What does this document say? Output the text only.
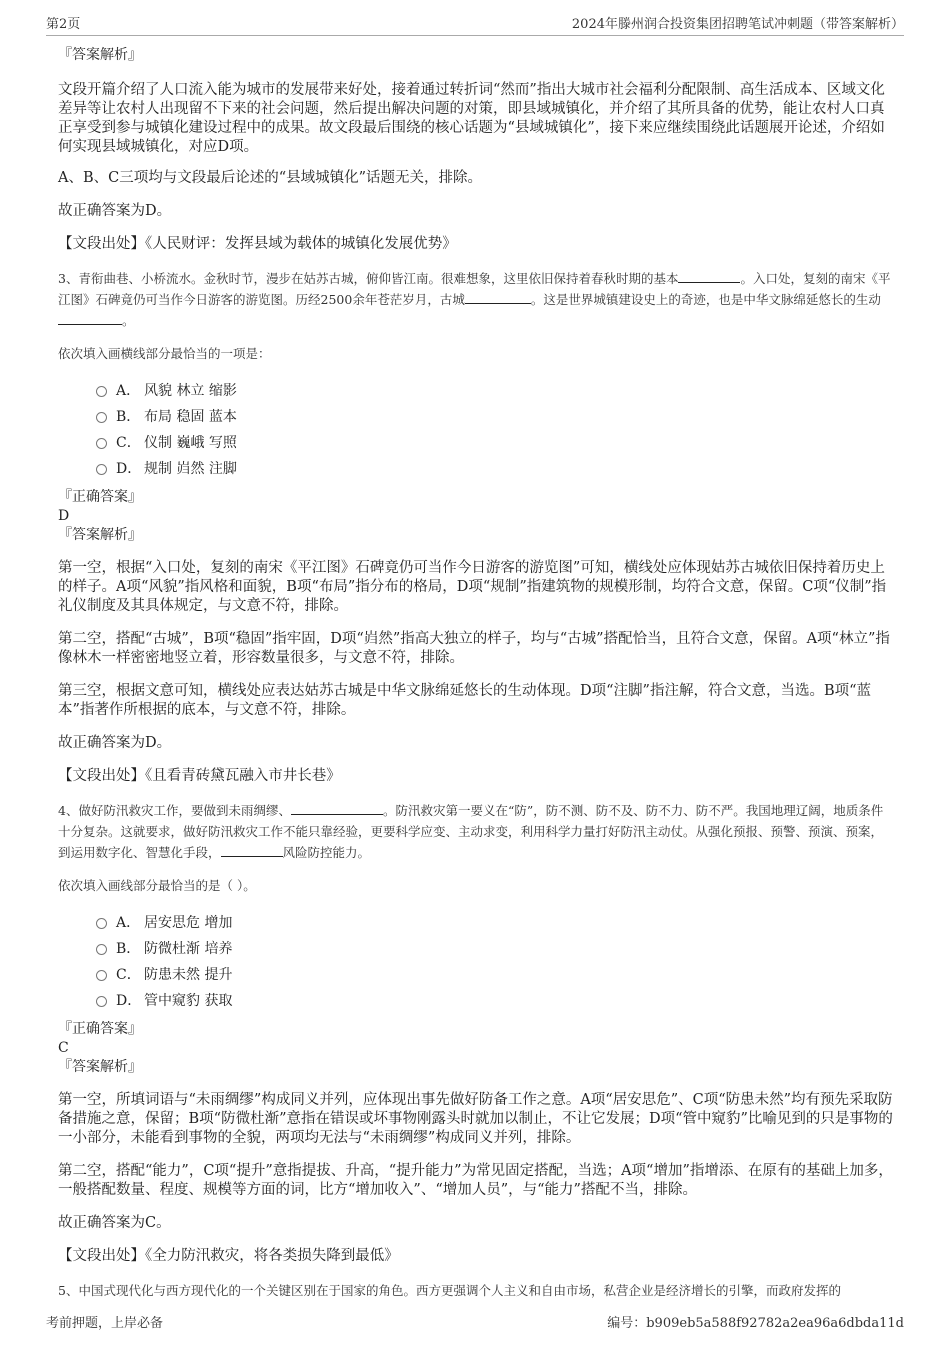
第2页	2024年滕州润合投资集团招聘笔试冲刺题（带答案解析）
『答案解析』

文段开篇介绍了人口流入能为城市的发展带来好处，接着通过转折词“然而”指出大城市社会福利分配限制、高生活成本、区域文化差异等让农村人出现留不下来的社会问题，然后提出解决问题的对策，即县域城镇化，并介绍了其所具备的优势，能让农村人口真正享受到参与城镇化建设过程中的成果。故文段最后围绕的核心话题为“县域城镇化”，接下来应继续围绕此话题展开论述，介绍如何实现县域城镇化，对应D项。

A、B、C三项均与文段最后论述的“县域城镇化”话题无关，排除。

故正确答案为D。

【文段出处】《人民财评：发挥县域为载体的城镇化发展优势》

3、青衔曲巷、小桥流水。金秋时节，漫步在姑苏古城，俯仰皆江南。很难想象，这里依旧保持着春秋时期的基本	。入口处，复刻的南宋《平江图》石碑竟仍可当作今日游客的游览图。历经2500余年苍茫岁月，古城	。这是世界城镇建设史上的奇迹，也是中华文脉绵延悠长的生动。
依次填入画横线部分最恰当的一项是：
A． 风貌 林立 缩影
B． 布局 稳固 蓝本
C． 仪制 巍峨 写照
D． 规制 岿然 注脚
『正确答案』
D
『答案解析』

第一空，根据“入口处，复刻的南宋《平江图》石碑竟仍可当作今日游客的游览图”可知，横线处应体现姑苏古城依旧保持着历史上的样子。A项“风貌”指风格和面貌，B项“布局”指分布的格局，D项“规制”指建筑物的规模形制，均符合文意，保留。C项“仪制”指礼仪制度及其具体规定，与文意不符，排除。

第二空，搭配“古城”，B项“稳固”指牢固，D项“岿然”指高大独立的样子，均与“古城”搭配恰当，且符合文意，保留。A项“林立”指像林木一样密密地竖立着，形容数量很多，与文意不符，排除。

第三空，根据文意可知，横线处应表达姑苏古城是中华文脉绵延悠长的生动体现。D项“注脚”指注解，符合文意，当选。B项“蓝本”指著作所根据的底本，与文意不符，排除。

故正确答案为D。

【文段出处】《且看青砖黛瓦融入市井长巷》

4、做好防汛救灾工作，要做到未雨绸缪、	。防汛救灾第一要义在“防”，防不测、防不及、防不力、防不严。我国地理辽阔，地质条件十分复杂。这就要求，做好防汛救灾工作不能只靠经验，更要科学应变、主动求变，利用科学力量打好防汛主动仗。从强化预报、预警、预演、预案，到运用数字化、智慧化手段，	风险防控能力。
依次填入画线部分最恰当的是（ ）。
A． 居安思危 增加
B． 防微杜渐 培养
C． 防患未然 提升
D． 管中窥豹 获取
『正确答案』
C
『答案解析』

第一空，所填词语与“未雨绸缪”构成同义并列，应体现出事先做好防备工作之意。A项“居安思危”、C项“防患未然”均有预先采取防备措施之意，保留；B项“防微杜渐”意指在错误或坏事物刚露头时就加以制止，不让它发展；D项“管中窥豹”比喻见到的只是事物的一小部分，未能看到事物的全貌，两项均无法与“未雨绸缪”构成同义并列，排除。

第二空，搭配“能力”，C项“提升”意指提拔、升高，“提升能力”为常见固定搭配，当选；A项“增加”指增添、在原有的基础上加多，一般搭配数量、程度、规模等方面的词，比方“增加收入”、“增加人员”，与“能力”搭配不当，排除。

故正确答案为C。

【文段出处】《全力防汛救灾，将各类损失降到最低》

5、中国式现代化与西方现代化的一个关键区别在于国家的角色。西方更强调个人主义和自由市场，私营企业是经济增长的引擎，而政府发挥的
考前押题，上岸必备	编号：b909eb5a588f92782a2ea96a6dbda11d
